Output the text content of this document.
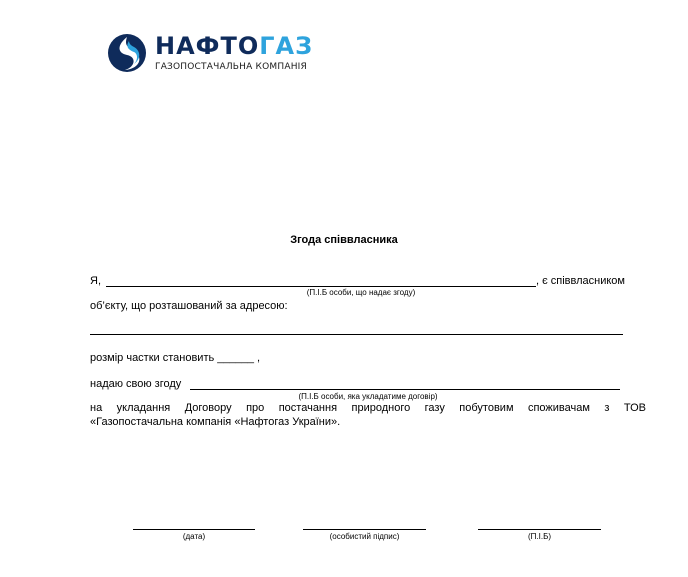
НАФТОГАЗ
ГАЗОПОСТАЧАЛЬНА КОМПАНІЯ
Згода співвласника
Я,	, є співвласником
(П.І.Б особи, що надає згоду)
об’єкту, що розташований за адресою:
розмір частки становить ______ ,
надаю свою згоду
(П.І.Б особи, яка укладатиме договір)
на укладання Договору про постачання природного газу побутовим споживачам з ТОВ
«Газопостачальна компанія «Нафтогаз України».
(дата)	(особистий підпис)	(П.І.Б)
